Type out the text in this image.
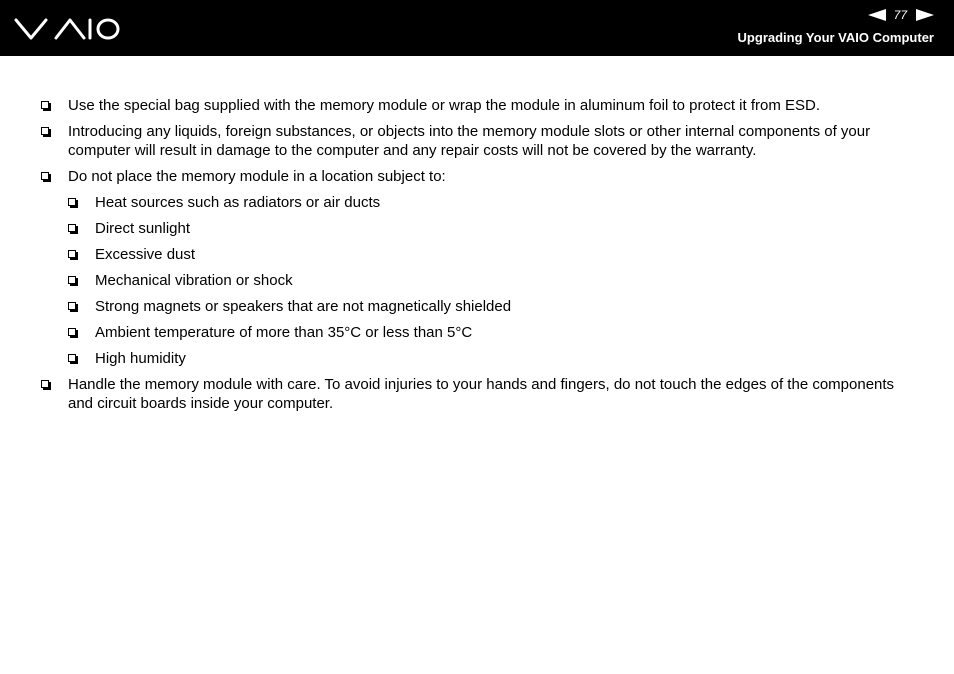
77
Upgrading Your VAIO Computer
Use the special bag supplied with the memory module or wrap the module in aluminum foil to protect it from ESD.
Introducing any liquids, foreign substances, or objects into the memory module slots or other internal components of your computer will result in damage to the computer and any repair costs will not be covered by the warranty.
Do not place the memory module in a location subject to:
Heat sources such as radiators or air ducts
Direct sunlight
Excessive dust
Mechanical vibration or shock
Strong magnets or speakers that are not magnetically shielded
Ambient temperature of more than 35°C or less than 5°C
High humidity
Handle the memory module with care. To avoid injuries to your hands and fingers, do not touch the edges of the components and circuit boards inside your computer.
